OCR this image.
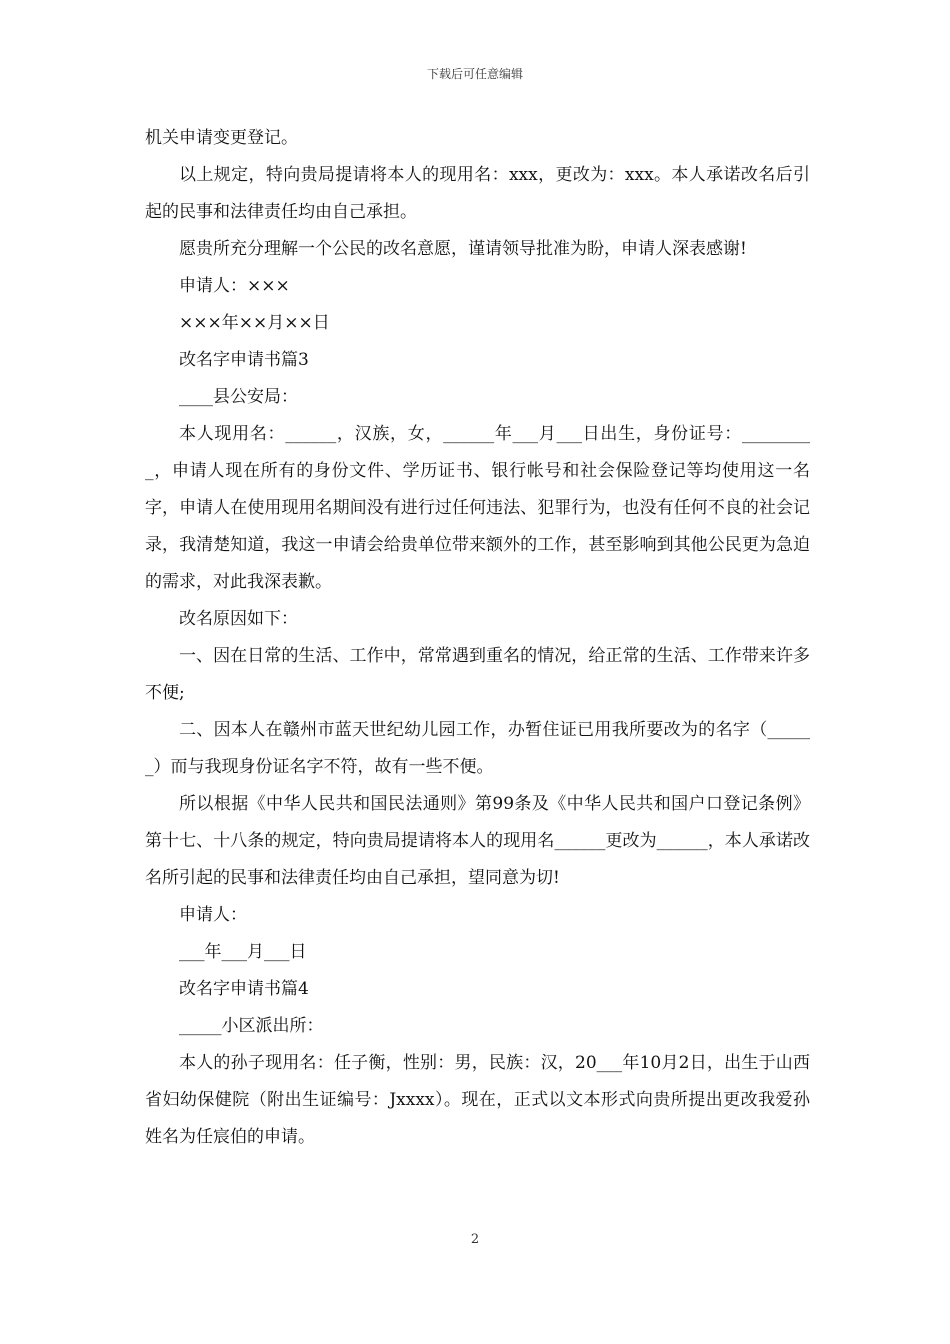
下载后可任意编辑

机关申请变更登记。

以上规定，特向贵局提请将本人的现用名：xxx，更改为：xxx。本人承诺改名后引起的民事和法律责任均由自己承担。

愿贵所充分理解一个公民的改名意愿，谨请领导批准为盼，申请人深表感谢!

申请人：×××

×××年××月××日

改名字申请书篇3

____县公安局：

本人现用名：______，汉族，女，______年___月___日出生，身份证号：_________，申请人现在所有的身份文件、学历证书、银行帐号和社会保险登记等均使用这一名字，申请人在使用现用名期间没有进行过任何违法、犯罪行为，也没有任何不良的社会记录，我清楚知道，我这一申请会给贵单位带来额外的工作，甚至影响到其他公民更为急迫的需求，对此我深表歉。

改名原因如下：

一、因在日常的生活、工作中，常常遇到重名的情况，给正常的生活、工作带来许多不便;

二、因本人在赣州市蓝天世纪幼儿园工作，办暂住证已用我所要改为的名字（______）而与我现身份证名字不符，故有一些不便。

所以根据《中华人民共和国民法通则》第99条及《中华人民共和国户口登记条例》第十七、十八条的规定，特向贵局提请将本人的现用名______更改为______，本人承诺改名所引起的民事和法律责任均由自己承担，望同意为切!

申请人：

___年___月___日

改名字申请书篇4

_____小区派出所：

本人的孙子现用名：任子衡，性别：男，民族：汉，20___年10月2日，出生于山西省妇幼保健院（附出生证编号：Jxxxx）。现在，正式以文本形式向贵所提出更改我爱孙姓名为任宸伯的申请。

2
